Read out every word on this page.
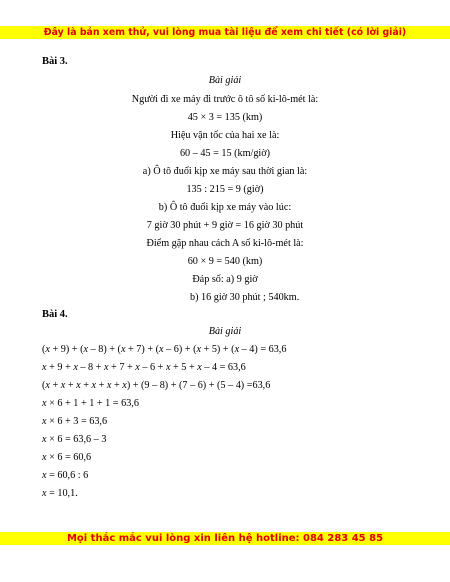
Đây là bản xem thử, vui lòng mua tài liệu để xem chi tiết (có lời giải)
Bài 3.
Bài giải
Người đi xe máy đi trước ô tô số ki-lô-mét là:
45 × 3 = 135 (km)
Hiệu vận tốc của hai xe là:
60 – 45 = 15 (km/giờ)
a) Ô tô đuổi kịp xe máy sau thời gian là:
135 : 215 = 9 (giờ)
b) Ô tô đuổi kịp xe máy vào lúc:
7 giờ 30 phút + 9 giờ = 16 giờ 30 phút
Điểm gặp nhau cách A số ki-lô-mét là:
60 × 9 = 540 (km)
Đáp số: a) 9 giờ
b) 16 giờ 30 phút ; 540km.
Bài 4.
Bài giải
(x + 9) + (x – 8) + (x + 7) + (x – 6) + (x + 5) + (x – 4) = 63,6
x + 9 + x – 8 + x + 7 + x – 6 + x + 5 + x – 4 = 63,6
(x + x + x + x + x + x) + (9 – 8) + (7 – 6) + (5 – 4) =63,6
x × 6 + 1 + 1 + 1 = 63,6
x × 6 + 3 = 63,6
x × 6 = 63,6 – 3
x × 6 = 60,6
x = 60,6 : 6
x = 10,1.
Mọi thắc mắc vui lòng xin liên hệ hotline: 084 283 45 85
